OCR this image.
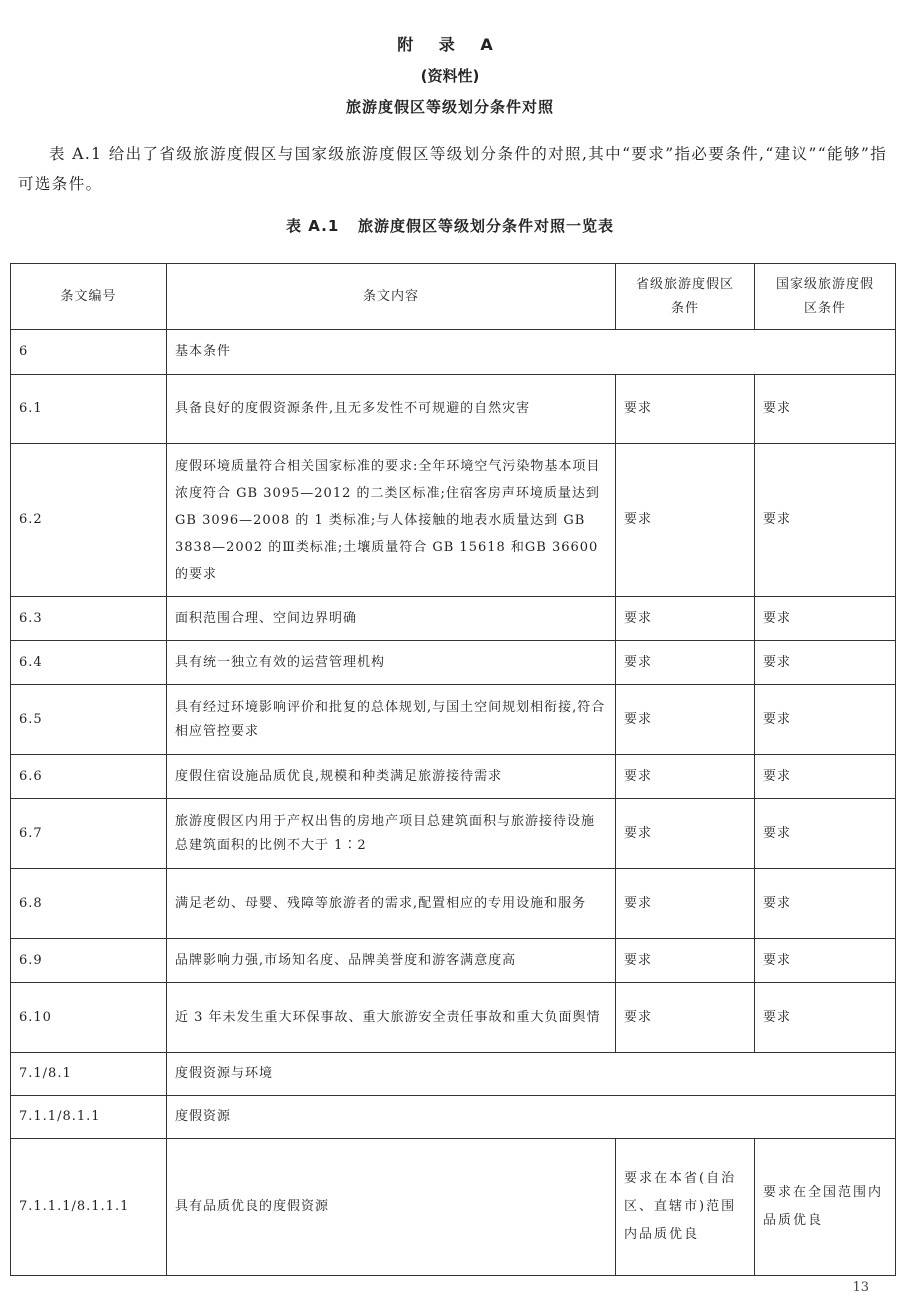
附 录 A
(资料性)
旅游度假区等级划分条件对照

表 A.1 给出了省级旅游度假区与国家级旅游度假区等级划分条件的对照,其中“要求”指必要条件,“建议”“能够”指可选条件。

表 A.1   旅游度假区等级划分条件对照一览表
条文编号	条文内容	省级旅游度假区条件	国家级旅游度假区条件
6	基本条件		
6.1	具备良好的度假资源条件,且无多发性不可规避的自然灾害	要求	要求
6.2	度假环境质量符合相关国家标准的要求:全年环境空气污染物基本项目浓度符合 GB 3095—2012 的二类区标准;住宿客房声环境质量达到 GB 3096—2008 的 1 类标准;与人体接触的地表水质量达到 GB 3838—2002 的Ⅲ类标准;土壤质量符合 GB 15618 和GB 36600 的要求	要求	要求
6.3	面积范围合理、空间边界明确	要求	要求
6.4	具有统一独立有效的运营管理机构	要求	要求
6.5	具有经过环境影响评价和批复的总体规划,与国土空间规划相衔接,符合相应管控要求	要求	要求
6.6	度假住宿设施品质优良,规模和种类满足旅游接待需求	要求	要求
6.7	旅游度假区内用于产权出售的房地产项目总建筑面积与旅游接待设施总建筑面积的比例不大于 1∶2	要求	要求
6.8	满足老幼、母婴、残障等旅游者的需求,配置相应的专用设施和服务	要求	要求
6.9	品牌影响力强,市场知名度、品牌美誉度和游客满意度高	要求	要求
6.10	近 3 年未发生重大环保事故、重大旅游安全责任事故和重大负面舆情	要求	要求
7.1/8.1	度假资源与环境		
7.1.1/8.1.1	度假资源		
7.1.1.1/8.1.1.1	具有品质优良的度假资源	要求在本省(自治区、直辖市)范围内品质优良	要求在全国范围内品质优良
13
